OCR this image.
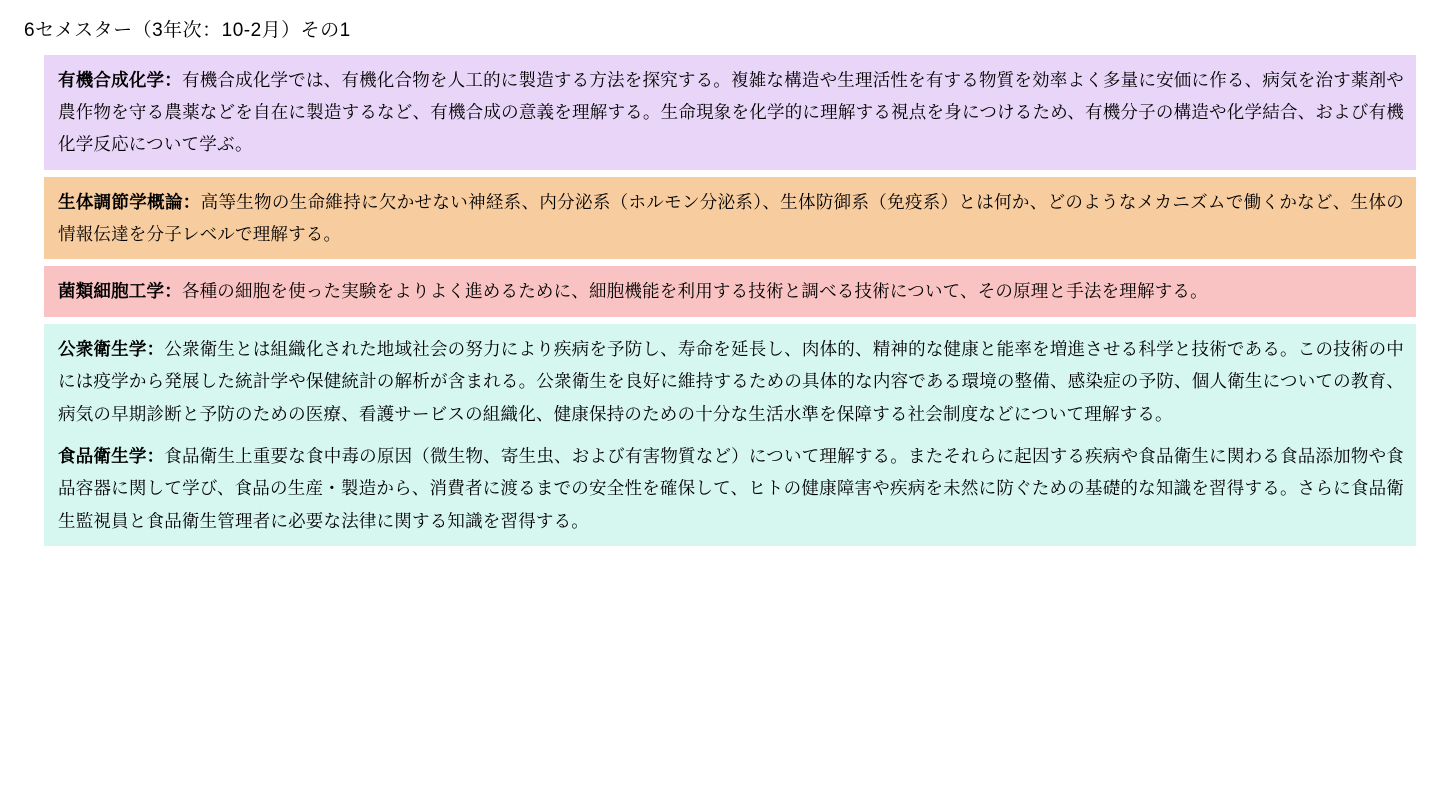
6セメスター（3年次：10-2月）その1

有機合成化学：有機合成化学では、有機化合物を人工的に製造する方法を探究する。複雑な構造や生理活性を有する物質を効率よく多量に安価に作る、病気を治す薬剤や農作物を守る農薬などを自在に製造するなど、有機合成の意義を理解する。生命現象を化学的に理解する視点を身につけるため、有機分子の構造や化学結合、および有機化学反応について学ぶ。

生体調節学概論：高等生物の生命維持に欠かせない神経系、内分泌系（ホルモン分泌系）、生体防御系（免疫系）とは何か、どのようなメカニズムで働くかなど、生体の情報伝達を分子レベルで理解する。

菌類細胞工学：各種の細胞を使った実験をよりよく進めるために、細胞機能を利用する技術と調べる技術について、その原理と手法を理解する。

公衆衛生学：公衆衛生とは組織化された地域社会の努力により疾病を予防し、寿命を延長し、肉体的、精神的な健康と能率を増進させる科学と技術である。この技術の中には疫学から発展した統計学や保健統計の解析が含まれる。公衆衛生を良好に維持するための具体的な内容である環境の整備、感染症の予防、個人衛生についての教育、病気の早期診断と予防のための医療、看護サービスの組織化、健康保持のための十分な生活水準を保障する社会制度などについて理解する。

食品衛生学：食品衛生上重要な食中毒の原因（微生物、寄生虫、および有害物質など）について理解する。またそれらに起因する疾病や食品衛生に関わる食品添加物や食品容器に関して学び、食品の生産・製造から、消費者に渡るまでの安全性を確保して、ヒトの健康障害や疾病を未然に防ぐための基礎的な知識を習得する。さらに食品衛生監視員と食品衛生管理者に必要な法律に関する知識を習得する。
